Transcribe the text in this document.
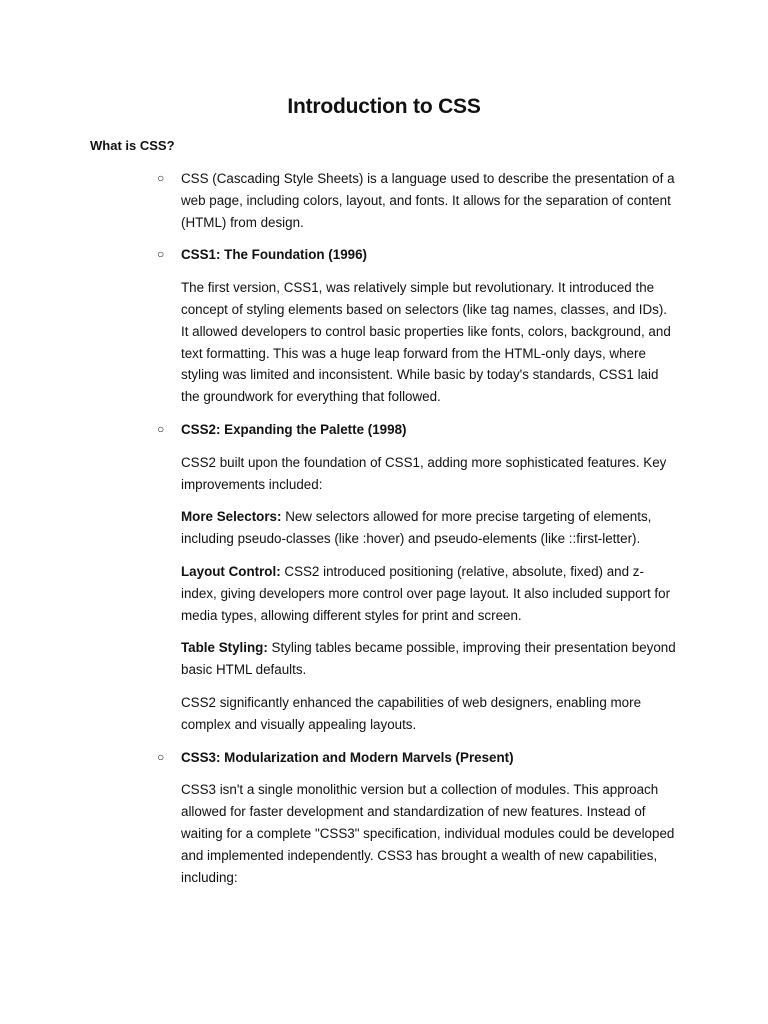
Introduction to CSS
What is CSS?
○ CSS (Cascading Style Sheets) is a language used to describe the presentation of a web page, including colors, layout, and fonts. It allows for the separation of content (HTML) from design.

○ CSS1: The Foundation (1996)

The first version, CSS1, was relatively simple but revolutionary. It introduced the concept of styling elements based on selectors (like tag names, classes, and IDs). It allowed developers to control basic properties like fonts, colors, background, and text formatting. This was a huge leap forward from the HTML-only days, where styling was limited and inconsistent. While basic by today's standards, CSS1 laid the groundwork for everything that followed.

○ CSS2: Expanding the Palette (1998)

CSS2 built upon the foundation of CSS1, adding more sophisticated features. Key improvements included:

More Selectors: New selectors allowed for more precise targeting of elements, including pseudo-classes (like :hover) and pseudo-elements (like ::first-letter).

Layout Control: CSS2 introduced positioning (relative, absolute, fixed) and z-index, giving developers more control over page layout. It also included support for media types, allowing different styles for print and screen.

Table Styling: Styling tables became possible, improving their presentation beyond basic HTML defaults.

CSS2 significantly enhanced the capabilities of web designers, enabling more complex and visually appealing layouts.

○ CSS3: Modularization and Modern Marvels (Present)

CSS3 isn't a single monolithic version but a collection of modules. This approach allowed for faster development and standardization of new features. Instead of waiting for a complete "CSS3" specification, individual modules could be developed and implemented independently. CSS3 has brought a wealth of new capabilities, including:
